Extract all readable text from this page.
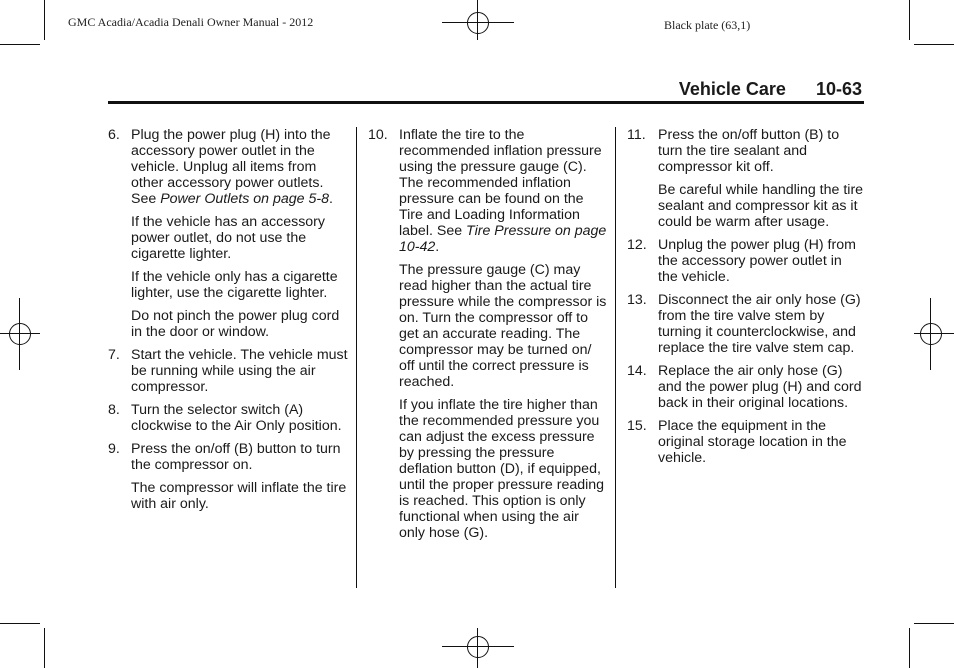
GMC Acadia/Acadia Denali Owner Manual - 2012	Black plate (63,1)
Vehicle Care 10-63
6. Plug the power plug (H) into the accessory power outlet in the vehicle. Unplug all items from other accessory power outlets. See Power Outlets on page 5-8.
If the vehicle has an accessory power outlet, do not use the cigarette lighter.
If the vehicle only has a cigarette lighter, use the cigarette lighter.
Do not pinch the power plug cord in the door or window.
7. Start the vehicle. The vehicle must be running while using the air compressor.
8. Turn the selector switch (A) clockwise to the Air Only position.
9. Press the on/off (B) button to turn the compressor on.
The compressor will inflate the tire with air only.
10. Inflate the tire to the recommended inflation pressure using the pressure gauge (C). The recommended inflation pressure can be found on the Tire and Loading Information label. See Tire Pressure on page 10-42.
The pressure gauge (C) may read higher than the actual tire pressure while the compressor is on. Turn the compressor off to get an accurate reading. The compressor may be turned on/ off until the correct pressure is reached.
If you inflate the tire higher than the recommended pressure you can adjust the excess pressure by pressing the pressure deflation button (D), if equipped, until the proper pressure reading is reached. This option is only functional when using the air only hose (G).
11. Press the on/off button (B) to turn the tire sealant and compressor kit off.
Be careful while handling the tire sealant and compressor kit as it could be warm after usage.
12. Unplug the power plug (H) from the accessory power outlet in the vehicle.
13. Disconnect the air only hose (G) from the tire valve stem by turning it counterclockwise, and replace the tire valve stem cap.
14. Replace the air only hose (G) and the power plug (H) and cord back in their original locations.
15. Place the equipment in the original storage location in the vehicle.
